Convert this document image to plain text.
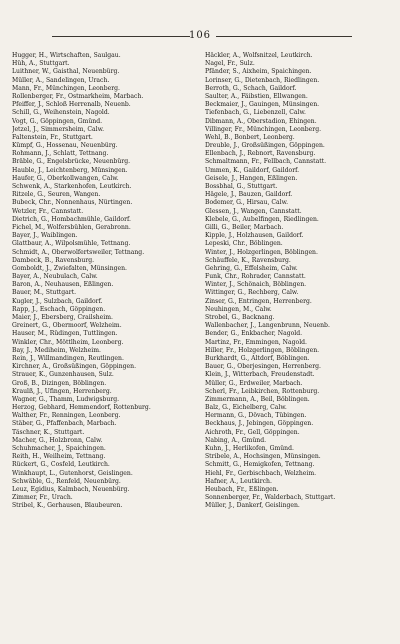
106
Hugger, H., Wirtschaften, Saulgau.
Hüh, A., Stuttgart.
Luithner, W., Gaisthal, Neuenbürg.
Müller, A., Sandelingen, Urach.
Mann, Fr., Münchingen, Leonberg.
Rollenberger, Fr., Ostmarkheim, Marbach.
Pfeiffer, J., Schloß Herrenalb, Neuenb.
Schill, G., Weihenstein, Nagold.
Vogt, G., Göppingen, Gmünd.
Jetzel, J., Simmersheim, Calw.
Faltenstein, Fr., Stuttgart.
Kümpf, G., Hossenau, Neuenbürg.
Rohmann, J., Schlatt, Tettnang.
Bräble, G., Engelsbrücke, Neuenbürg.
Hauble, J., Leichtenberg, Münsingen.
Haufer, G., Oberkollwangen, Calw.
Schwenk, A., Starkenhofen, Leutkirch.
Ritzele, G., Seuren, Wangen.
Bubeck, Chr., Nonnenhaus, Nürtingen.
Wetzler, Fr., Cannstatt.
Dietrich, G., Hombachmühle, Gaildorf.
Fichel, M., Wolfersbühlen, Gerabronn.
Bayer, J., Waiblingen.
Glattbaur, A., Wilpolsmühle, Tettnang.
Schmidt, A., Oberwolfertsweiler, Tettnang.
Dambeck, B., Ravensburg.
Gomboldt, J., Zwiefalten, Münsingen.
Bayer, A., Neubulach, Calw.
Baron, A., Neuhausen, Eßlingen.
Bauer, M., Stuttgart.
Kugler, J., Sulzbach, Gaildorf.
Rapp, J., Eschach, Göppingen.
Maier, J., Ebersberg, Crailsheim.
Greinert, G., Obermoorf, Welzheim.
Hauser, M., Rüdingen, Tuttlingen.
Winkler, Chr., Möttlheim, Leonberg.
Bay, J., Mediheim, Welzheim.
Rein, J., Willmandingen, Reutlingen.
Kirchner, A., Großsüßingen, Göppingen.
Strauer, K., Gunzenhausen, Sulz.
Groß, B., Dizingen, Böblingen.
Kraulß, J., Ufingen, Herrenberg.
Wagner, G., Thamm, Ludwigsburg.
Herzog, Gebhard, Hemmendorf, Rottenburg.
Walther, Fr., Renningen, Leonberg.
Stäber, G., Pfaffenbach, Marbach.
Täschner, K., Stuttgart.
Macher, G., Holzbronn, Calw.
Schuhmacher, J., Spaichingen.
Reith, H., Weilheim, Tettnang.
Rückert, G., Cosfeld, Leutkirch.
Winkhaupt, L., Gutenhorst, Geislingen.
Schwäble, G., Renfeld, Neuenbürg.
Leuz, Egidius, Kalmbach, Neuenbürg.
Zimmer, Fr., Urach.
Stribel, K., Gerhausen, Blaubeuren.
Häckler, A., Wolfsnitzel, Leutkirch.
Nagel, Fr., Sulz.
Pfänder, S., Aixheim, Spaichingen.
Lorinser, G., Dietenbach, Riedlingen.
Berroth, G., Schach, Gaildorf.
Saulter, A., Fäibstien, Ellwangen.
Beckmaier, J., Gauingen, Münsingen.
Tiefenbach, G., Liebenzell, Calw.
Dibmann, A., Oberstadion, Ehingen.
Villinger, Fr., Münchingen, Leonberg.
Wehl, B., Bonbert, Leonberg.
Dreuble, J., Großsüßingen, Göppingen.
Ellenbach, J., Rebnort, Ravensburg.
Schmaltmann, Fr., Fellbach, Cannstatt.
Ummen, K., Gaildorf, Gaildorf.
Geisele, J., Hangen, Eßlingen.
Bossbhal, G., Stuttgart.
Hägele, J., Bauzen, Gaildorf.
Bodemer, G., Hirsau, Calw.
Glessen, J., Wangen, Cannstatt.
Klebele, G., Aubelfingen, Riedlingen.
Gilli, G., Beiler, Marbach.
Kipple, J., Holzhausen, Gaildorf.
Lepeski, Chr., Böblingen.
Winter, J., Holzgerlingen, Böblingen.
Schäuffele, K., Ravensburg.
Gehring, G., Effelsheim, Calw.
Funk, Chr., Rohrader, Cannstatt.
Winter, J., Schönaich, Böblingen.
Wittinger, G., Rechberg, Calw.
Zinser, G., Entringen, Herrenberg.
Neuhingen, M., Calw.
Strobel, G., Backnang.
Wallenbacher, J., Langenbrunn, Neuenb.
Bender, G., Enkbacher, Nagold.
Martinz, Fr., Emmingen, Nagold.
Hiller, Fr., Holzgerlingen, Böblingen.
Burkhardt, G., Altdorf, Böblingen.
Bauer, G., Oberjesingen, Herrenberg.
Klein, J., Witterbach, Freudenstadt.
Müller, G., Erdweiler, Marbach.
Scherl, Fr., Leibkirchen, Rottenburg.
Zimmermann, A., Beil, Böblingen.
Balz, G., Eichelberg, Calw.
Hermann, G., Dövach, Tübingen.
Beckhaus, J., Jebingen, Göppingen.
Aichroth, Fr., Gell, Göppingen.
Nabing, A., Gmünd.
Kuhn, J., Herlikofen, Gmünd.
Stribele, A., Hochsingen, Münsingen.
Schmitt, G., Hemigkofen, Tettnang.
Hiehl, Fr., Gerbischbach, Welzheim.
Hafner, A., Leutkirch.
Heubach, Fr., Eßlingen.
Sonnenberger, Fr., Walderbach, Stuttgart.
Müller, J., Dankerf, Geislingen.
